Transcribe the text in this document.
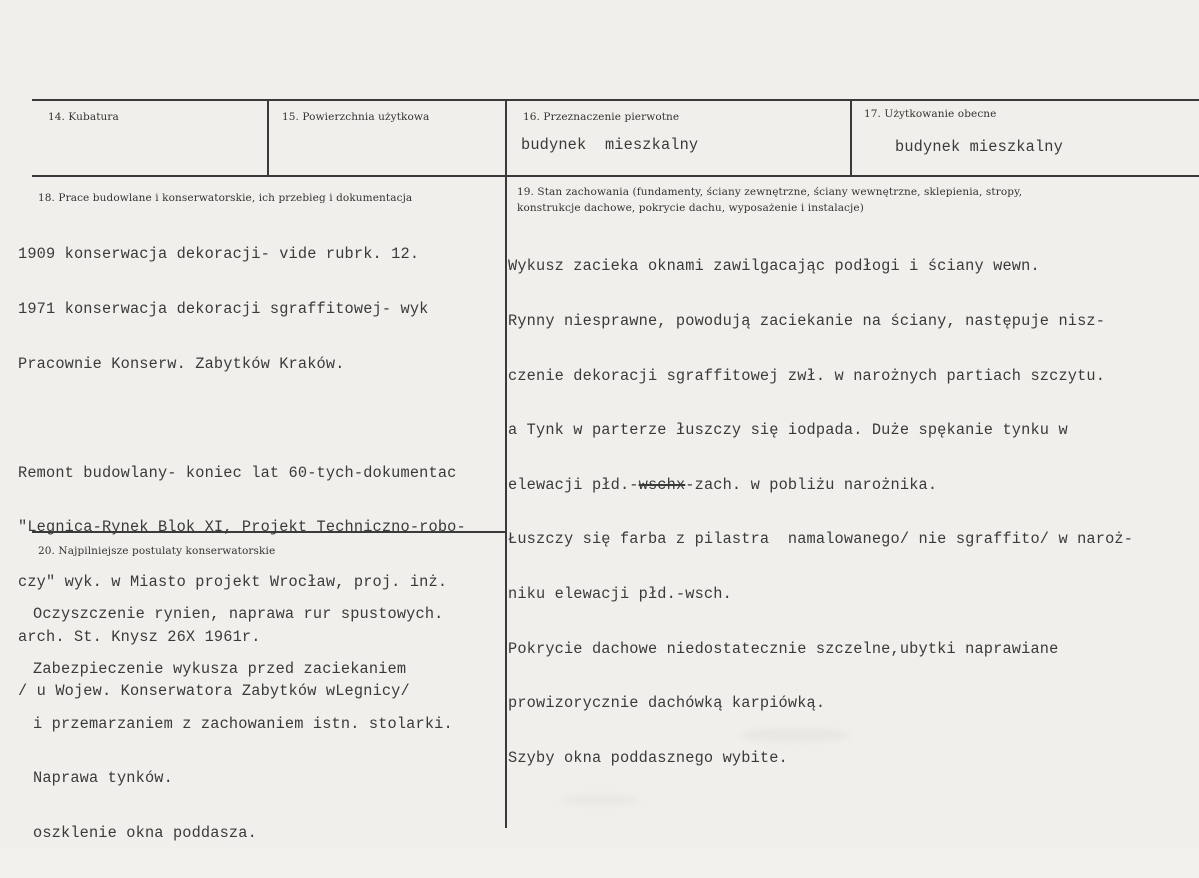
14. Kubatura	15. Powierzchnia użytkowa	16. Przeznaczenie pierwotne
budynek  mieszkalny
17. Użytkowanie obecne
budynek mieszkalny
18. Prace budowlane i konserwatorskie, ich przebieg i dokumentacja

1909 konserwacja dekoracji- vide rubrk. 12.

1971 konserwacja dekoracji sgraffitowej- wyk

Pracownie Konserw. Zabytków Kraków.

Remont budowlany- koniec lat 60-tych-dokumentac

"Legnica-Rynek Blok XI, Projekt Techniczno-robo-

czy" wyk. w Miasto projekt Wrocław, proj. inż.

arch. St. Knysz 26X 1961r.

/ u Wojew. Konserwatora Zabytków wLegnicy/

19. Stan zachowania (fundamenty, ściany zewnętrzne, ściany wewnętrzne, sklepienia, stropy,
konstrukcje dachowe, pokrycie dachu, wyposażenie i instalacje)

Wykusz zacieka oknami zawilgacając podłogi i ściany wewn.

Rynny niesprawne, powodują zaciekanie na ściany, następuje nisz-

czenie dekoracji sgraffitowej zwł. w narożnych partiach szczytu.

a Tynk w parterze łuszczy się iodpada. Duże spękanie tynku w

elewacji płd.-wschx-zach. w pobliżu narożnika.

Łuszczy się farba z pilastra  namalowanego/ nie sgraffito/ w naroż-

niku elewacji płd.-wsch.

Pokrycie dachowe niedostatecznie szczelne,ubytki naprawiane

prowizorycznie dachówką karpiówką.

Szyby okna poddasznego wybite.

20. Najpilniejsze postulaty konserwatorskie

Oczyszczenie rynien, naprawa rur spustowych.

Zabezpieczenie wykusza przed zaciekaniem

i przemarzaniem z zachowaniem istn. stolarki.

Naprawa tynków.

oszklenie okna poddasza.
